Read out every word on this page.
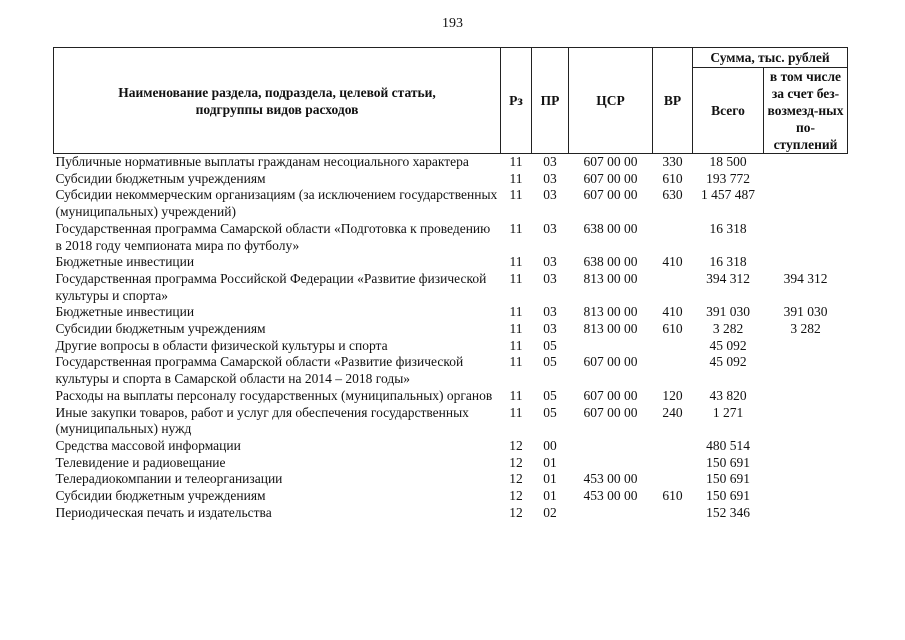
193
Наименование раздела, подраздела, целевой статьи, подгруппы видов расходов	Рз	ПР	ЦСР	ВР	Сумма, тыс. рублей	
					Всего	в том числе за счет без-возмезд-ных по-ступлений
Публичные нормативные выплаты гражданам несоциального характера	11	03	607 00 00	330	18 500	
Субсидии бюджетным учреждениям	11	03	607 00 00	610	193 772	
Субсидии некоммерческим организациям (за исключением государственных (муниципальных) учреждений)	11	03	607 00 00	630	1 457 487	
Государственная программа Самарской области «Подготовка к проведению в 2018 году чемпионата мира по футболу»	11	03	638 00 00		16 318	
Бюджетные инвестиции	11	03	638 00 00	410	16 318	
Государственная программа Российской Федерации «Развитие физической культуры и спорта»	11	03	813 00 00		394 312	394 312
Бюджетные инвестиции	11	03	813 00 00	410	391 030	391 030
Субсидии бюджетным учреждениям	11	03	813 00 00	610	3 282	3 282
Другие вопросы в области физической культуры и спорта	11	05			45 092	
Государственная программа Самарской области «Развитие физической культуры и спорта в Самарской области на 2014 – 2018 годы»	11	05	607 00 00		45 092	
Расходы на выплаты персоналу государственных (муниципальных) органов	11	05	607 00 00	120	43 820	
Иные закупки товаров, работ и услуг для обеспечения государственных (муниципальных) нужд	11	05	607 00 00	240	1 271	
Средства массовой информации	12	00			480 514	
Телевидение и радиовещание	12	01			150 691	
Телерадиокомпании и телеорганизации	12	01	453 00 00		150 691	
Субсидии бюджетным учреждениям	12	01	453 00 00	610	150 691	
Периодическая печать и издательства	12	02			152 346	
